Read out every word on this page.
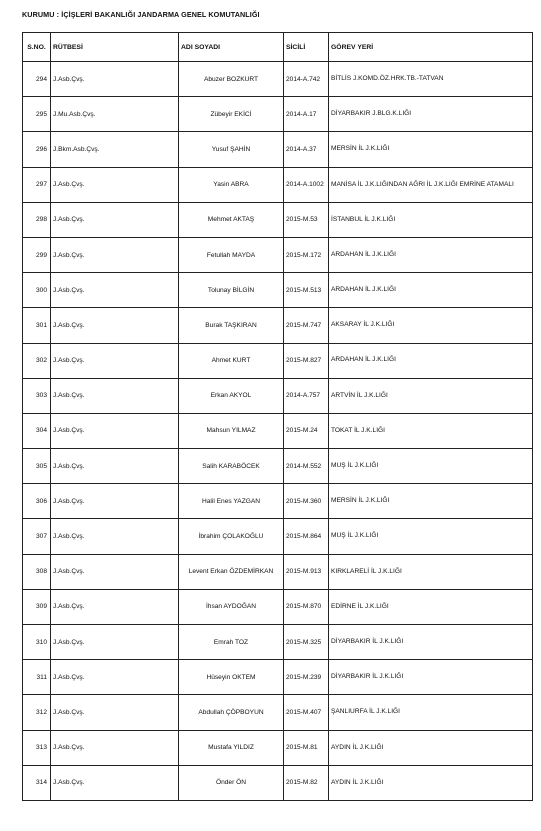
KURUMU : İÇİŞLERİ BAKANLIĞI JANDARMA GENEL KOMUTANLIĞI
S.NO.	RÜTBESİ	ADI SOYADI	SİCİLİ	GÖREV YERİ
294	J.Asb.Çvş.	Abuzer BOZKURT	2014-A.742	BİTLİS J.KOMD.ÖZ.HRK.TB.-TATVAN
295	J.Mu.Asb.Çvş.	Zübeyir EKİCİ	2014-A.17	DİYARBAKIR J.BLG.K.LIĞI
296	J.Bkm.Asb.Çvş.	Yusuf ŞAHİN	2014-A.37	MERSİN İL J.K.LIĞI
297	J.Asb.Çvş.	Yasin ABRA	2014-A.1002	MANİSA İL J.K.LIĞINDAN AĞRI İL J.K.LIĞI EMRİNE ATAMALI
298	J.Asb.Çvş.	Mehmet AKTAŞ	2015-M.53	İSTANBUL İL J.K.LIĞI
299	J.Asb.Çvş.	Fetullah MAYDA	2015-M.172	ARDAHAN İL J.K.LIĞI
300	J.Asb.Çvş.	Tolunay BİLGİN	2015-M.513	ARDAHAN İL J.K.LIĞI
301	J.Asb.Çvş.	Burak TAŞKIRAN	2015-M.747	AKSARAY İL J.K.LIĞI
302	J.Asb.Çvş.	Ahmet KURT	2015-M.827	ARDAHAN İL J.K.LIĞI
303	J.Asb.Çvş.	Erkan AKYOL	2014-A.757	ARTVİN İL J.K.LIĞI
304	J.Asb.Çvş.	Mahsun YILMAZ	2015-M.24	TOKAT İL J.K.LIĞI
305	J.Asb.Çvş.	Salih KARABÖCEK	2014-M.552	MUŞ İL J.K.LIĞI
306	J.Asb.Çvş.	Halil Enes YAZGAN	2015-M.360	MERSİN İL J.K.LIĞI
307	J.Asb.Çvş.	İbrahim ÇOLAKOĞLU	2015-M.864	MUŞ İL J.K.LIĞI
308	J.Asb.Çvş.	Levent Erkan ÖZDEMİRKAN	2015-M.913	KIRKLARELİ İL J.K.LIĞI
309	J.Asb.Çvş.	İhsan AYDOĞAN	2015-M.870	EDİRNE İL J.K.LIĞI
310	J.Asb.Çvş.	Emrah TOZ	2015-M.325	DİYARBAKIR İL J.K.LIĞI
311	J.Asb.Çvş.	Hüseyin OKTEM	2015-M.239	DİYARBAKIR İL J.K.LIĞI
312	J.Asb.Çvş.	Abdullah ÇÖPBOYUN	2015-M.407	ŞANLIURFA İL J.K.LIĞI
313	J.Asb.Çvş.	Mustafa YILDIZ	2015-M.81	AYDIN İL J.K.LIĞI
314	J.Asb.Çvş.	Önder ÖN	2015-M.82	AYDIN İL J.K.LIĞI
